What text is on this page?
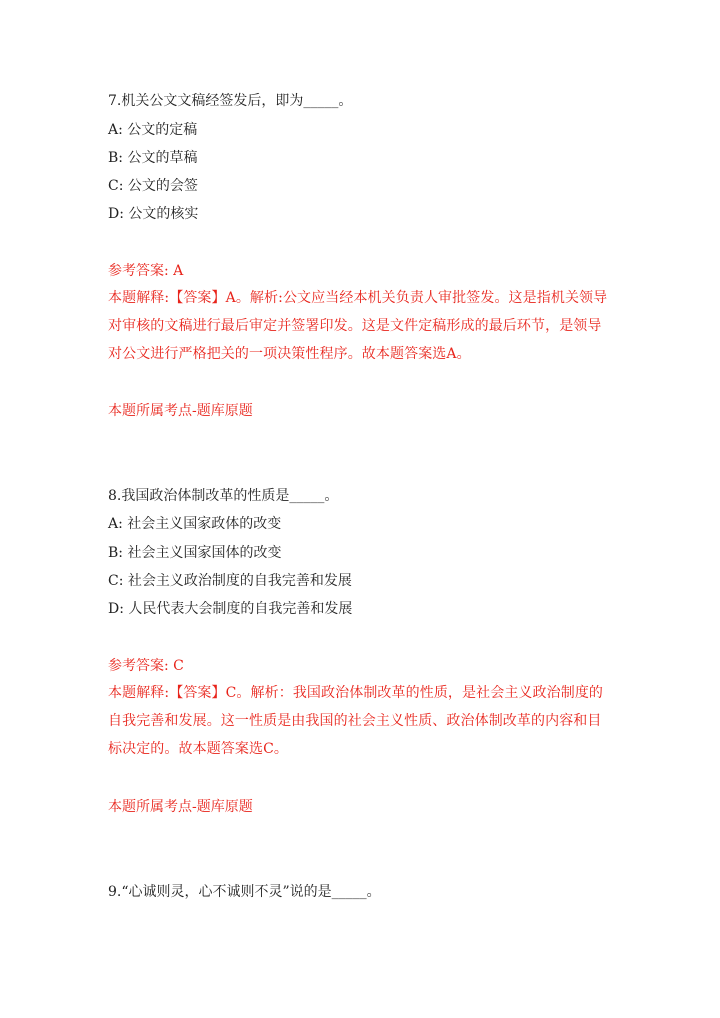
7.机关公文文稿经签发后，即为_____。
A: 公文的定稿
B: 公文的草稿
C: 公文的会签
D: 公文的核实
参考答案: A
本题解释:【答案】A。解析:公文应当经本机关负责人审批签发。这是指机关领导对审核的文稿进行最后审定并签署印发。这是文件定稿形成的最后环节，是领导对公文进行严格把关的一项决策性程序。故本题答案选A。
本题所属考点-题库原题
8.我国政治体制改革的性质是_____。
A: 社会主义国家政体的改变
B: 社会主义国家国体的改变
C: 社会主义政治制度的自我完善和发展
D: 人民代表大会制度的自我完善和发展
参考答案: C
本题解释:【答案】C。解析：我国政治体制改革的性质，是社会主义政治制度的自我完善和发展。这一性质是由我国的社会主义性质、政治体制改革的内容和目标决定的。故本题答案选C。
本题所属考点-题库原题
9.“心诚则灵，心不诚则不灵”说的是_____。
